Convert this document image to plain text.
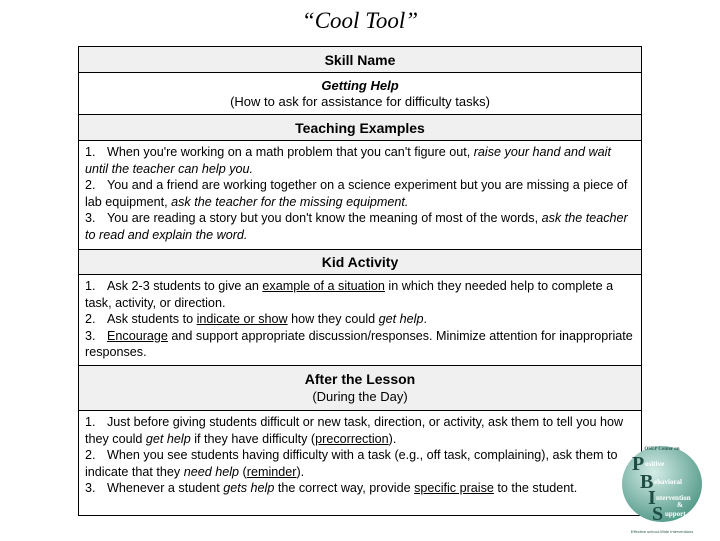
“Cool Tool”
Skill Name
Getting Help
(How to ask for assistance for difficulty tasks)
Teaching Examples

1. When you're working on a math problem that you can't figure out, raise your hand and wait until the teacher can help you.

2. You and a friend are working together on a science experiment but you are missing a piece of lab equipment, ask the teacher for the missing equipment.

3. You are reading a story but you don't know the meaning of most of the words, ask the teacher to read and explain the word.

Kid Activity

1. Ask 2-3 students to give an example of a situation in which they needed help to complete a task, activity, or direction.

2. Ask students to indicate or show how they could get help.

3. Encourage and support appropriate discussion/responses. Minimize attention for inappropriate responses.

After the Lesson
(During the Day)

1. Just before giving students difficult or new task, direction, or activity, ask them to tell you how they could get help if they have difficulty (precorrection).

2. When you see students having difficulty with a task (e.g., off task, complaining), ask them to indicate that they need help (reminder).

3. Whenever a student gets help the correct way, provide specific praise to the student.

OSEP Center on
P ositive
B ehavioral
I ntervention
&
S upport
Effective school-Wide Interventions
